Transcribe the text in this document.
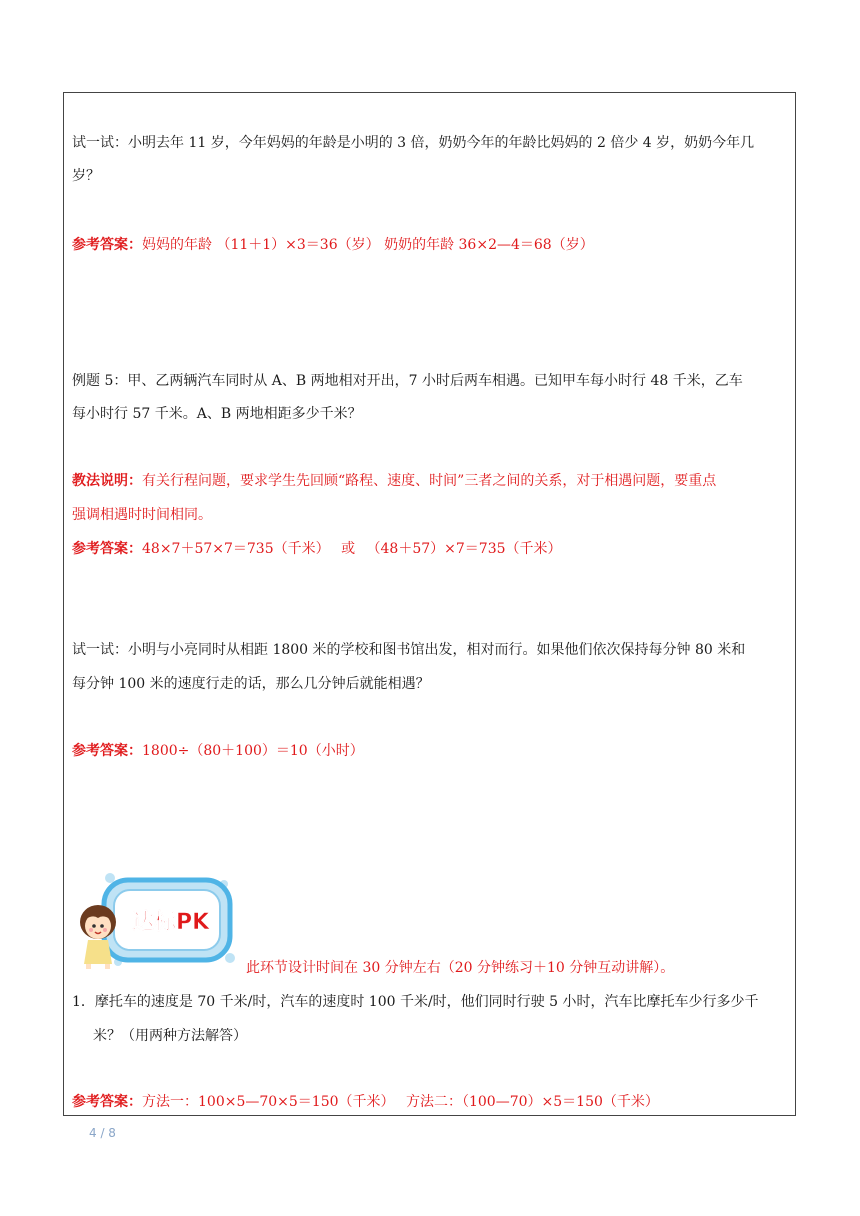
试一试：小明去年 11 岁，今年妈妈的年龄是小明的 3 倍，奶奶今年的年龄比妈妈的 2 倍少 4 岁，奶奶今年几
岁？
参考答案：妈妈的年龄 （11＋1）×3＝36（岁） 奶奶的年龄 36×2—4＝68（岁）
例题 5：甲、乙两辆汽车同时从 A、B 两地相对开出，7 小时后两车相遇。已知甲车每小时行 48 千米，乙车
每小时行 57 千米。A、B 两地相距多少千米？
教法说明：有关行程问题，要求学生先回顾“路程、速度、时间”三者之间的关系，对于相遇问题，要重点
强调相遇时时间相同。
参考答案：48×7＋57×7＝735（千米）　 或 　（48＋57）×7＝735（千米）
试一试：小明与小亮同时从相距 1800 米的学校和图书馆出发，相对而行。如果他们依次保持每分钟 80 米和
每分钟 100 米的速度行走的话，那么几分钟后就能相遇？
参考答案：1800÷（80＋100）＝10（小时）
达标PK
此环节设计时间在 30 分钟左右（20 分钟练习＋10 分钟互动讲解）。
1．摩托车的速度是 70 千米/时，汽车的速度时 100 千米/时，他们同时行驶 5 小时，汽车比摩托车少行多少千
米？（用两种方法解答）
参考答案：方法一：100×5—70×5＝150（千米）　 方法二：（100—70）×5＝150（千米）
4 / 8
